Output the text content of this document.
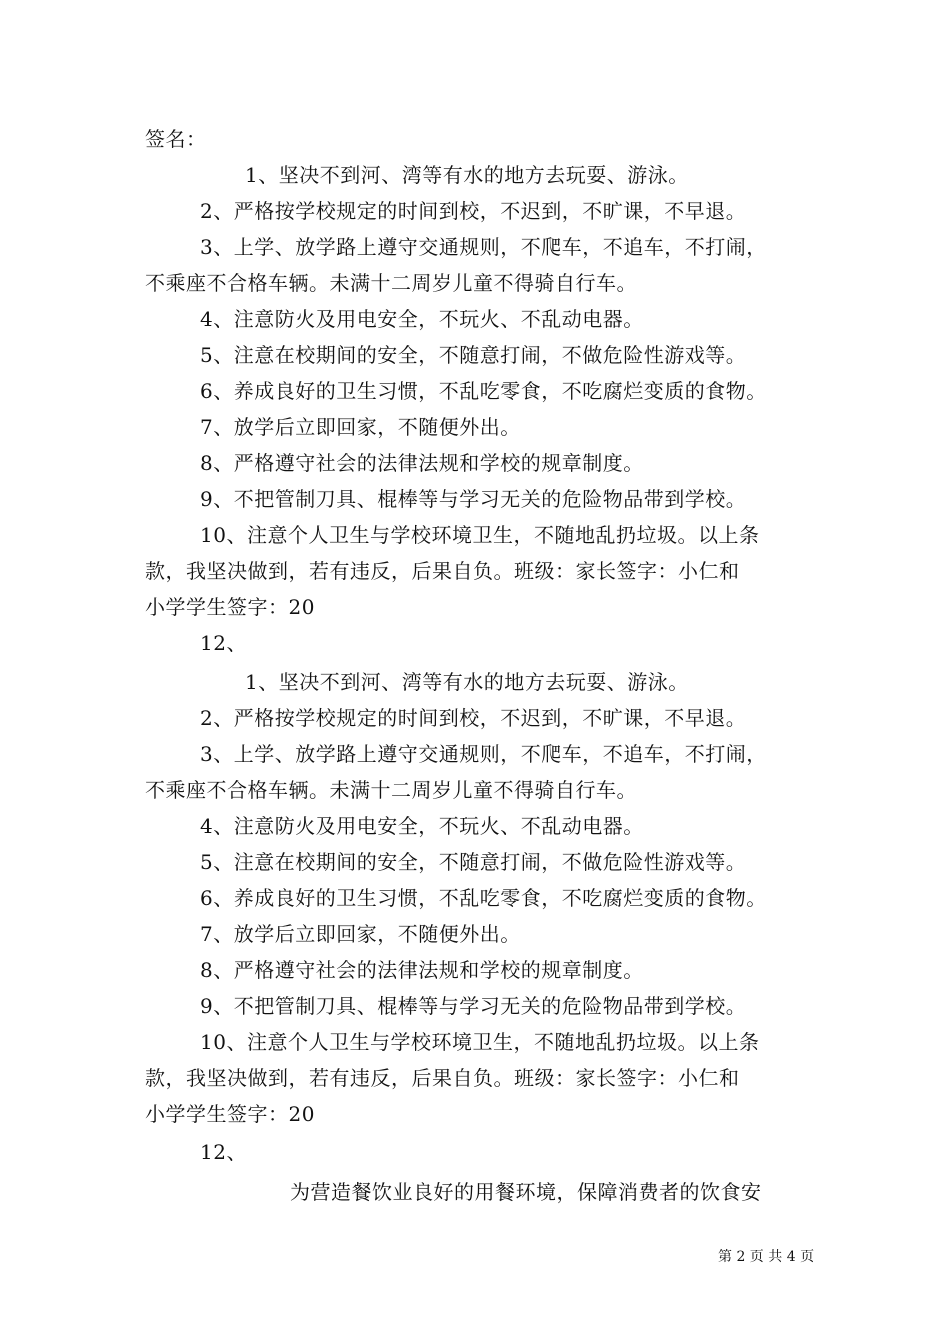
签名：
1、坚决不到河、湾等有水的地方去玩耍、游泳。
2、严格按学校规定的时间到校，不迟到，不旷课，不早退。
3、上学、放学路上遵守交通规则，不爬车，不追车，不打闹，
不乘座不合格车辆。未满十二周岁儿童不得骑自行车。
4、注意防火及用电安全，不玩火、不乱动电器。
5、注意在校期间的安全，不随意打闹，不做危险性游戏等。
6、养成良好的卫生习惯，不乱吃零食，不吃腐烂变质的食物。
7、放学后立即回家，不随便外出。
8、严格遵守社会的法律法规和学校的规章制度。
9、不把管制刀具、棍棒等与学习无关的危险物品带到学校。
10、注意个人卫生与学校环境卫生，不随地乱扔垃圾。以上条
款，我坚决做到，若有违反，后果自负。班级：家长签字：小仁和
小学学生签字：20
12、
1、坚决不到河、湾等有水的地方去玩耍、游泳。
2、严格按学校规定的时间到校，不迟到，不旷课，不早退。
3、上学、放学路上遵守交通规则，不爬车，不追车，不打闹，
不乘座不合格车辆。未满十二周岁儿童不得骑自行车。
4、注意防火及用电安全，不玩火、不乱动电器。
5、注意在校期间的安全，不随意打闹，不做危险性游戏等。
6、养成良好的卫生习惯，不乱吃零食，不吃腐烂变质的食物。
7、放学后立即回家，不随便外出。
8、严格遵守社会的法律法规和学校的规章制度。
9、不把管制刀具、棍棒等与学习无关的危险物品带到学校。
10、注意个人卫生与学校环境卫生，不随地乱扔垃圾。以上条
款，我坚决做到，若有违反，后果自负。班级：家长签字：小仁和
小学学生签字：20
12、
为营造餐饮业良好的用餐环境，保障消费者的饮食安
第 2 页 共 4 页
